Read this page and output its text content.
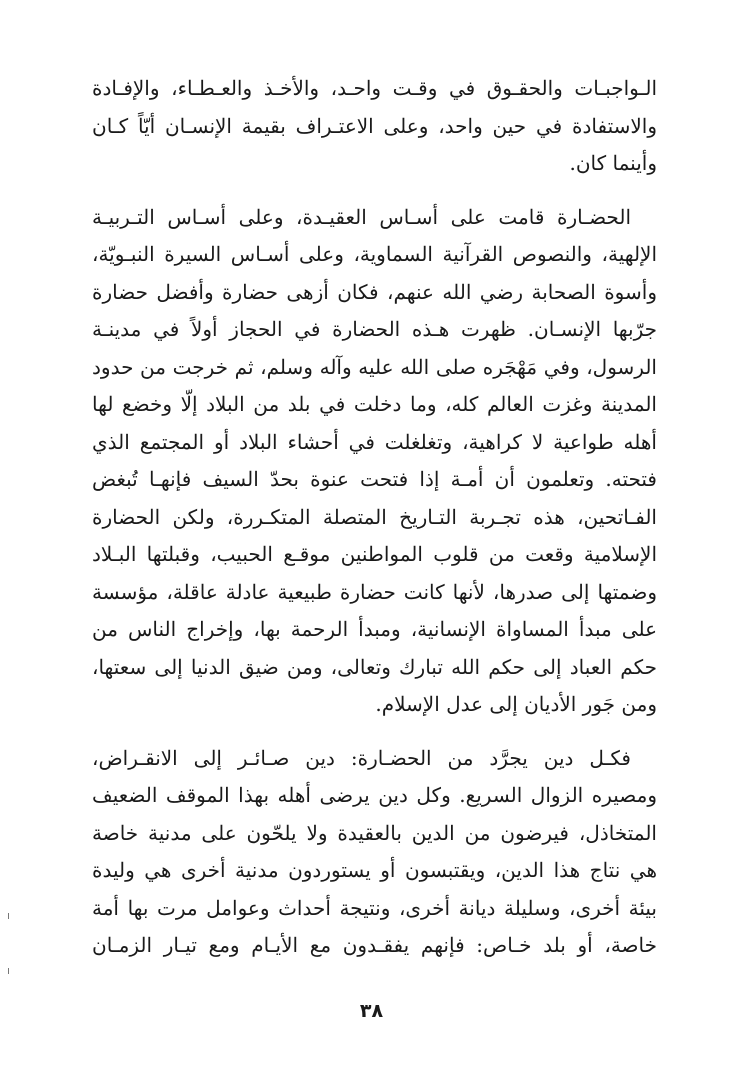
الـواجبـات والحقـوق في وقـت واحـد، والأخـذ والعـطـاء، والإفـادة
والاستفادة في حين واحد، وعلى الاعتـراف بقيمة الإنسـان أيّاً كـان
وأينما كان.
الحضـارة قامت على أسـاس العقيـدة، وعلى أسـاس التـربيـة
الإلهية، والنصوص القرآنية السماوية، وعلى أسـاس السيرة النبـويّة،
وأسوة الصحابة رضي الله عنهم، فكان أزهى حضارة وأفضل حضارة
جرّبها الإنسـان. ظهرت هـذه الحضارة في الحجاز أولاً في مدينـة
الرسول، وفي مَهْجَره صلى الله عليه وآله وسلم، ثم خرجت من حدود
المدينة وغزت العالم كله، وما دخلت في بلد من البلاد إلّا وخضع لها
أهله طواعية لا كراهية، وتغلغلت في أحشاء البلاد أو المجتمع الذي
فتحته. وتعلمون أن أمـة إذا فتحت عنوة بحدّ السيف فإنهـا تُبغض
الفـاتحين، هذه تجـربة التـاريخ المتصلة المتكـررة، ولكن الحضارة
الإسلامية وقعت من قلوب المواطنين موقـع الحبيب، وقبلتها البـلاد
وضمتها إلى صدرها، لأنها كانت حضارة طبيعية عادلة عاقلة، مؤسسة
على مبدأ المساواة الإنسانية، ومبدأ الرحمة بها، وإخراج الناس من
حكم العباد إلى حكم الله تبارك وتعالى، ومن ضيق الدنيا إلى سعتها،
ومن جَور الأديان إلى عدل الإسلام.
فكـل دين يجرَّد من الحضـارة: دين صـائـر إلى الانقـراض،
ومصيره الزوال السريع. وكل دين يرضى أهله بهذا الموقف الضعيف
المتخاذل، فيرضون من الدين بالعقيدة ولا يلحّون على مدنية خاصة
هي نتاج هذا الدين، ويقتبسون أو يستوردون مدنية أخرى هي وليدة
بيئة أخرى، وسليلة ديانة أخرى، ونتيجة أحداث وعوامل مرت بها أمة
خاصة، أو بلد خـاص: فإنهم يفقـدون مع الأيـام ومع تيـار الزمـان
٣٨
